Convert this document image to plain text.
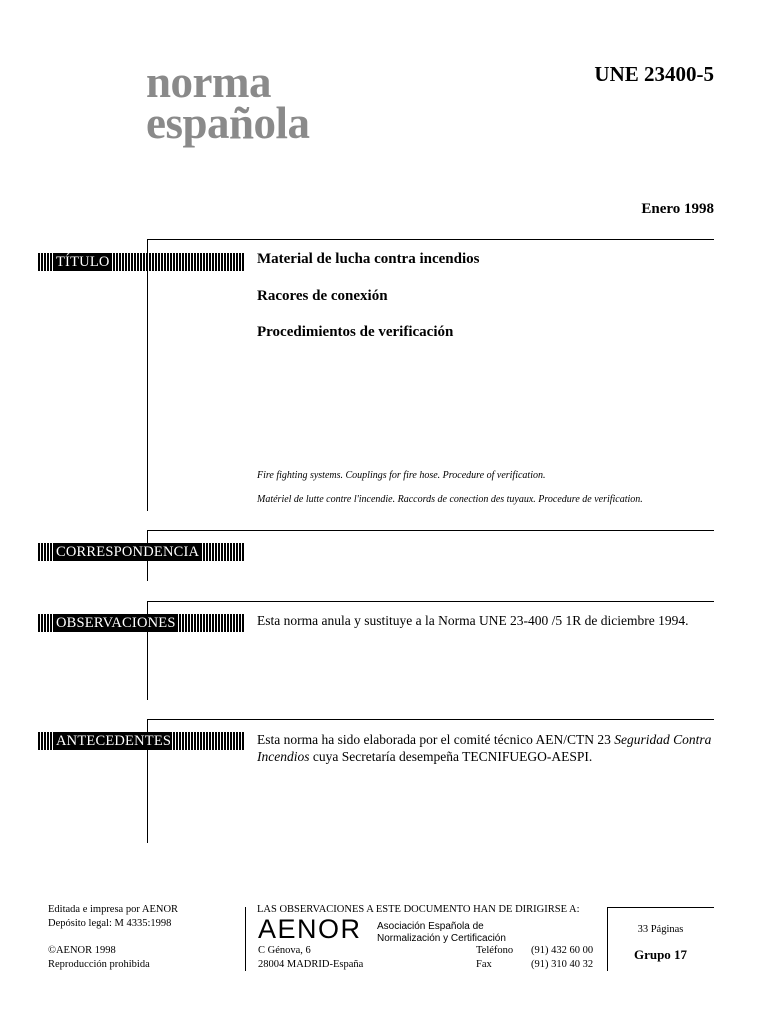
norma
española
UNE 23400-5
Enero 1998
TÍTULO
CORRESPONDENCIA
OBSERVACIONES
ANTECEDENTES
Material de lucha contra incendios
Racores de conexión
Procedimientos de verificación
Fire fighting systems. Couplings for fire hose. Procedure of verification.
Matériel de lutte contre l'incendie. Raccords de conection des tuyaux. Procedure de verification.
Esta norma anula y sustituye a la Norma UNE 23-400 /5 1R de diciembre 1994.
Esta norma ha sido elaborada por el comité técnico AEN/CTN 23 Seguridad Contra Incendios cuya Secretaría desempeña TECNIFUEGO-AESPI.
Editada e impresa por AENOR
Depósito legal: M 4335:1998
©AENOR 1998
Reproducción prohibida
LAS OBSERVACIONES A ESTE DOCUMENTO HAN DE DIRIGIRSE A:
AENOR Asociación Española de
Normalización y Certificación
C Génova, 6
28004 MADRID-España
Teléfono
Fax
(91) 432 60 00
(91) 310 40 32
33 Páginas
Grupo 17
